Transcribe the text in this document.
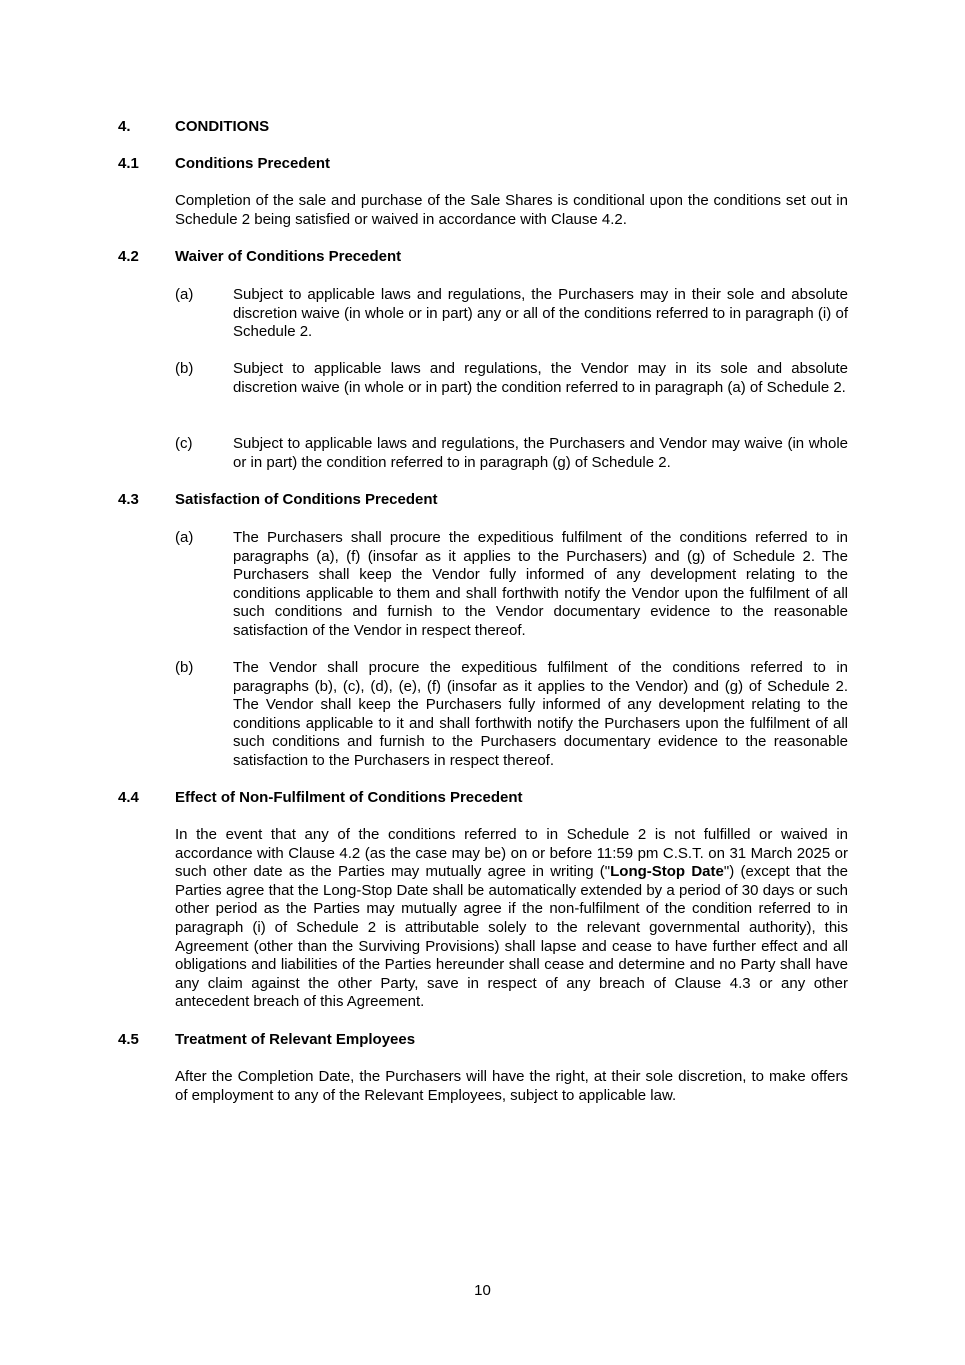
4.	CONDITIONS
4.1 Conditions Precedent
Completion of the sale and purchase of the Sale Shares is conditional upon the conditions set out in Schedule 2 being satisfied or waived in accordance with Clause 4.2.
4.2 Waiver of Conditions Precedent
(a)	Subject to applicable laws and regulations, the Purchasers may in their sole and absolute discretion waive (in whole or in part) any or all of the conditions referred to in paragraph (i) of Schedule 2.
(b)	Subject to applicable laws and regulations, the Vendor may in its sole and absolute discretion waive (in whole or in part) the condition referred to in paragraph (a) of Schedule 2.
(c)	Subject to applicable laws and regulations, the Purchasers and Vendor may waive (in whole or in part) the condition referred to in paragraph (g) of Schedule 2.
4.3 Satisfaction of Conditions Precedent
(a)	The Purchasers shall procure the expeditious fulfilment of the conditions referred to in paragraphs (a), (f) (insofar as it applies to the Purchasers) and (g) of Schedule 2. The Purchasers shall keep the Vendor fully informed of any development relating to the conditions applicable to them and shall forthwith notify the Vendor upon the fulfilment of all such conditions and furnish to the Vendor documentary evidence to the reasonable satisfaction of the Vendor in respect thereof.
(b)	The Vendor shall procure the expeditious fulfilment of the conditions referred to in paragraphs (b), (c), (d), (e), (f) (insofar as it applies to the Vendor) and (g) of Schedule 2. The Vendor shall keep the Purchasers fully informed of any development relating to the conditions applicable to it and shall forthwith notify the Purchasers upon the fulfilment of all such conditions and furnish to the Purchasers documentary evidence to the reasonable satisfaction to the Purchasers in respect thereof.
4.4 Effect of Non-Fulfilment of Conditions Precedent
In the event that any of the conditions referred to in Schedule 2 is not fulfilled or waived in accordance with Clause 4.2 (as the case may be) on or before 11:59 pm C.S.T. on 31 March 2025 or such other date as the Parties may mutually agree in writing ("Long-Stop Date") (except that the Parties agree that the Long-Stop Date shall be automatically extended by a period of 30 days or such other period as the Parties may mutually agree if the non-fulfilment of the condition referred to in paragraph (i) of Schedule 2 is attributable solely to the relevant governmental authority), this Agreement (other than the Surviving Provisions) shall lapse and cease to have further effect and all obligations and liabilities of the Parties hereunder shall cease and determine and no Party shall have any claim against the other Party, save in respect of any breach of Clause 4.3 or any other antecedent breach of this Agreement.
4.5 Treatment of Relevant Employees
After the Completion Date, the Purchasers will have the right, at their sole discretion, to make offers of employment to any of the Relevant Employees, subject to applicable law.
10
